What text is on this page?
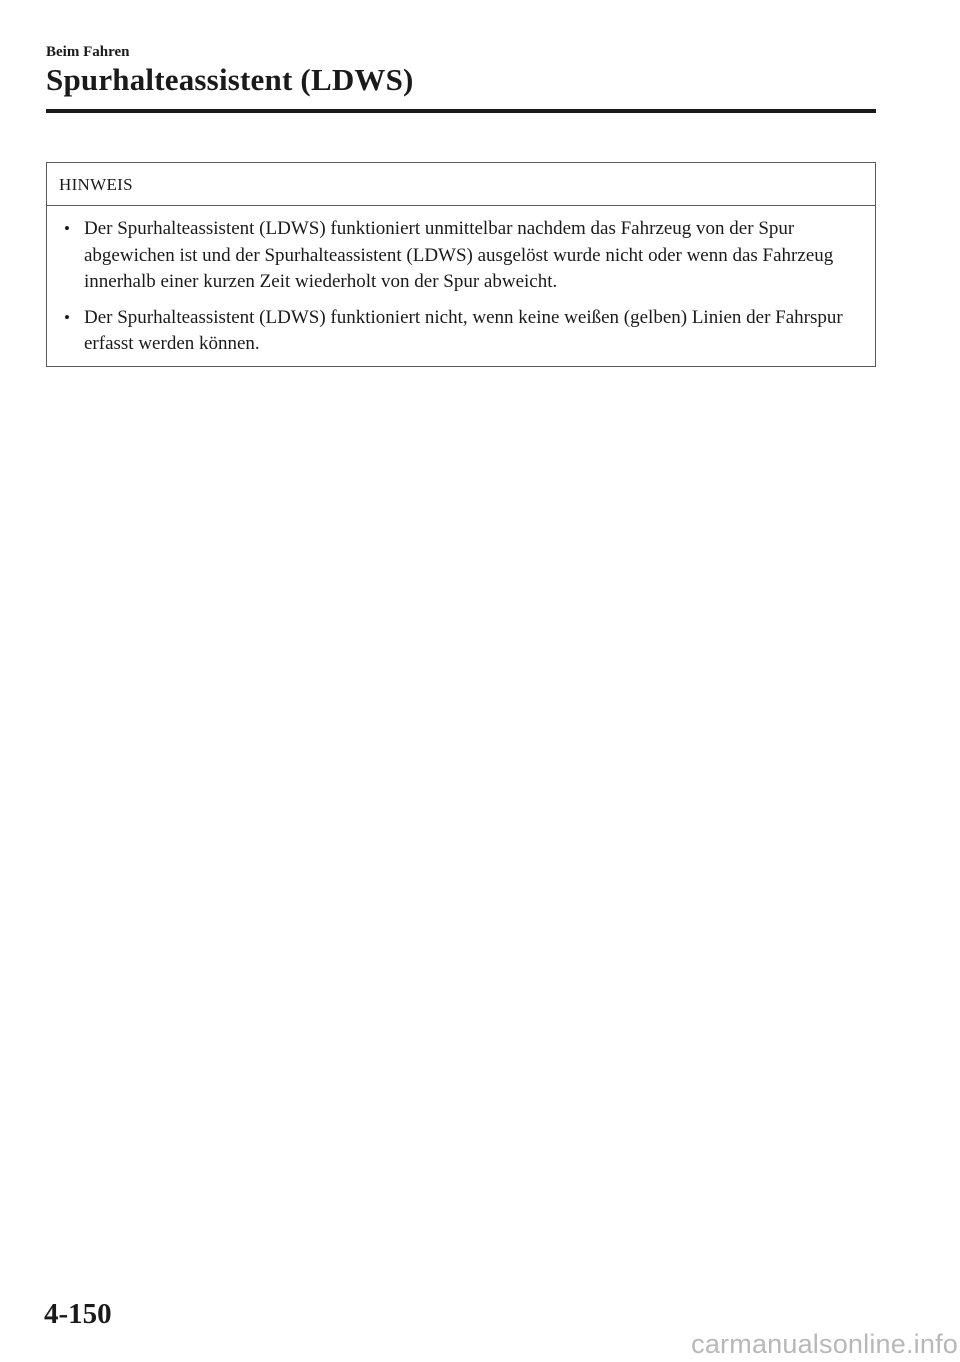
Beim Fahren
Spurhalteassistent (LDWS)
HINWEIS
• Der Spurhalteassistent (LDWS) funktioniert unmittelbar nachdem das Fahrzeug von der Spur abgewichen ist und der Spurhalteassistent (LDWS) ausgelöst wurde nicht oder wenn das Fahrzeug innerhalb einer kurzen Zeit wiederholt von der Spur abweicht.
• Der Spurhalteassistent (LDWS) funktioniert nicht, wenn keine weißen (gelben) Linien der Fahrspur erfasst werden können.
4-150
carmanualsonline.info
